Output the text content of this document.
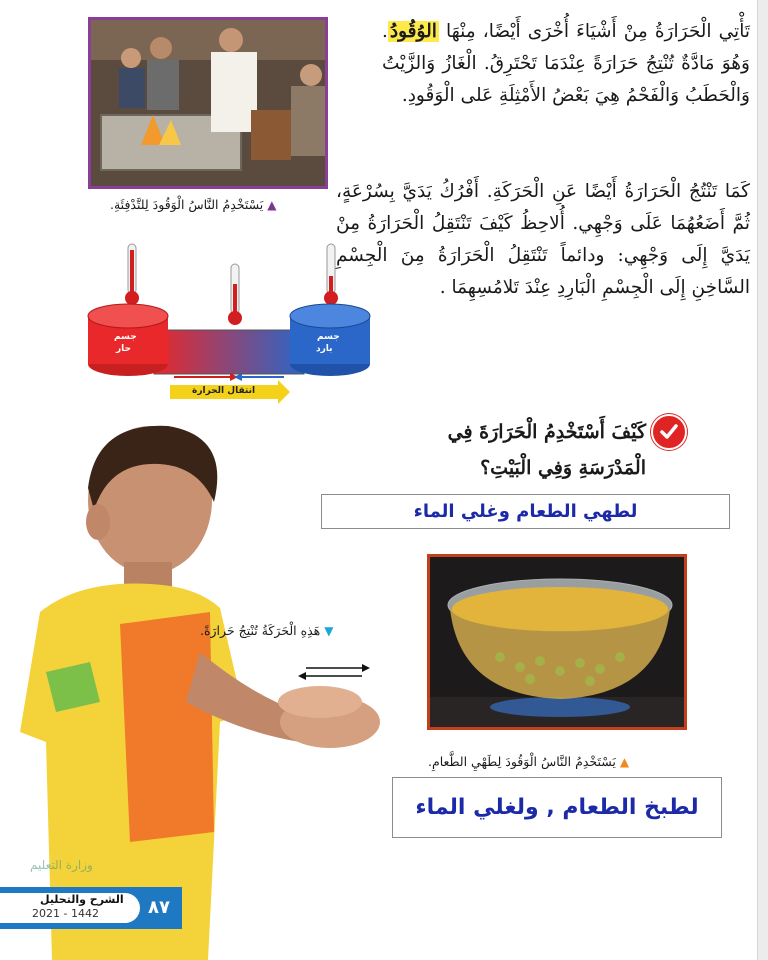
تَأْتِي الْحَرَارَةُ مِنْ أَشْيَاءَ أُخْرَى أَيْضًا، مِنْهَا الوُقُودُ. وَهُوَ مَادَّةٌ تُنْتِجُ حَرَارَةً عِنْدَمَا تَحْتَرِقُ. الْغَازُ وَالزَّيْتُ وَالْحَطَبُ وَالْفَحْمُ هِيَ بَعْضُ الأَمْثِلَةِ عَلى الْوَقُودِ.

كَمَا تَنْتُجُ الْحَرَارَةُ أَيْضًا عَنِ الْحَرَكَةِ. أَفْرُكُ يَدَيَّ بِسُرْعَةٍ، ثُمَّ أَضَعُهُمَا عَلَى وَجْهِي. أُلاحِظُ كَيْفَ تَنْتَقِلُ الْحَرَارَةُ مِنْ يَدَيَّ إِلَى وَجْهِي: ودائماً تَنْتَقِلُ الْحَرَارَةُ مِنَ الْجِسْمِ السَّاخِنِ إِلَى الْجِسْمِ الْبَارِدِ عِنْدَ تَلامُسِهِمَا .

▲يَسْتَخْدِمُ النَّاسُ الْوَقُودَ لِلتَّدْفِئَةِ.
جسم
حار
جسم
بارد
انتقال الحرارة
كَيْفَ أَسْتَخْدِمُ الْحَرَارَةَ فِي
الْمَدْرَسَةِ وَفِي الْبَيْتِ؟
لطهي الطعام وغلي الماء
▲يَسْتَخْدِمُ النَّاسُ الْوَقُودَ لِطَهْيِ الطَّعامِ.
لطبخ الطعام , ولغلي الماء
▼هَذِهِ الْحَرَكَةُ تُنْتِجُ حَرارَةً.
وزارة التعليم
الشرح والتحليل
2021 - 1442	٨٧
